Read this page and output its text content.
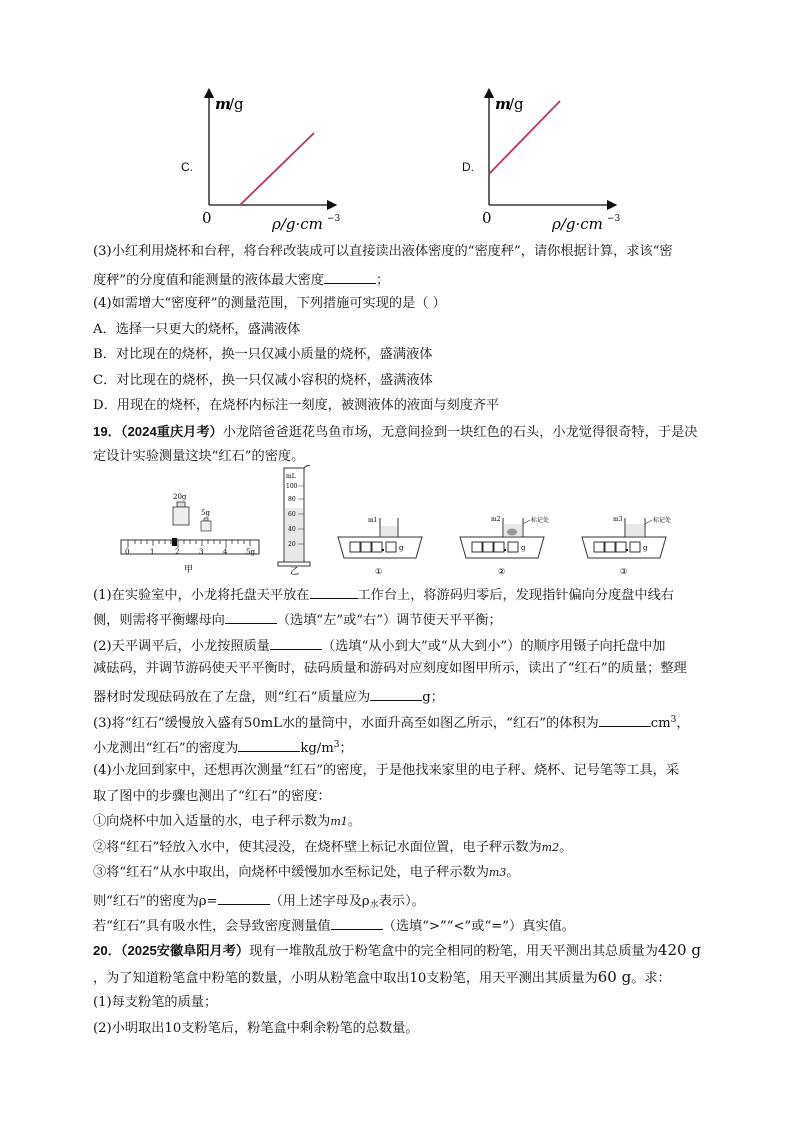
C.
m
/g
0	ρ/g·cm −3
D.
m
/g
0	ρ/g·cm −3
(3)小红利用烧杯和台秤，将台秤改装成可以直接读出液体密度的“密度秤”，请你根据计算，求该“密
度秤”的分度值和能测量的液体最大密度	；
(4)如需增大“密度秤”的测量范围，下列措施可实现的是（ ）
A．选择一只更大的烧杯，盛满液体
B．对比现在的烧杯，换一只仅减小质量的烧杯，盛满液体
C．对比现在的烧杯，换一只仅减小容积的烧杯，盛满液体
D．用现在的烧杯，在烧杯内标注一刻度，被测液体的液面与刻度齐平
19．（2024重庆月考）小龙陪爸爸逛花鸟鱼市场，无意间捡到一块红色的石头，小龙觉得很奇特，于是决
定设计实验测量这块“红石”的密度。
0	1	2	3	4	5g
20g
5g
甲
mL
100
80
60
40
20
乙
g
m1
①
g
标记处
m2
②
g
标记处
m3
③
(1)在实验室中，小龙将托盘天平放在	工作台上，将游码归零后，发现指针偏向分度盘中线右
侧，则需将平衡螺母向	（选填“左”或“右”）调节使天平平衡；
(2)天平调平后，小龙按照质量	（选填“从小到大”或“从大到小”）的顺序用镊子向托盘中加
减砝码，并调节游码使天平平衡时，砝码质量和游码对应刻度如图甲所示，读出了“红石”的质量；整理
器材时发现砝码放在了左盘，则“红石”质量应为	g；
(3)将“红石”缓慢放入盛有50mL水的量筒中，水面升高至如图乙所示，“红石”的体积为	$cm^3$，
小龙测出“红石”的密度为	$kg/m^3$；
(4)小龙回到家中，还想再次测量“红石”的密度，于是他找来家里的电子秤、烧杯、记号笔等工具，采
取了图中的步骤也测出了“红石”的密度：
①向烧杯中加入适量的水，电子秤示数为m1。
②将“红石”轻放入水中，使其浸没，在烧杯壁上标记水面位置，电子秤示数为m2。
③将“红石”从水中取出，向烧杯中缓慢加水至标记处，电子秤示数为m3。
则“红石”的密度为ρ=	（用上述字母及$\rho_水$表示）。
若“红石”具有吸水性，会导致密度测量值	（选填“>”“<”或“=”）真实值。
20．（2025安徽阜阳月考）现有一堆散乱放于粉笔盒中的完全相同的粉笔，用天平测出其总质量为420 g
，为了知道粉笔盒中粉笔的数量，小明从粉笔盒中取出10支粉笔，用天平测出其质量为60 g。求：
(1)每支粉笔的质量；
(2)小明取出10支粉笔后，粉笔盒中剩余粉笔的总数量。
